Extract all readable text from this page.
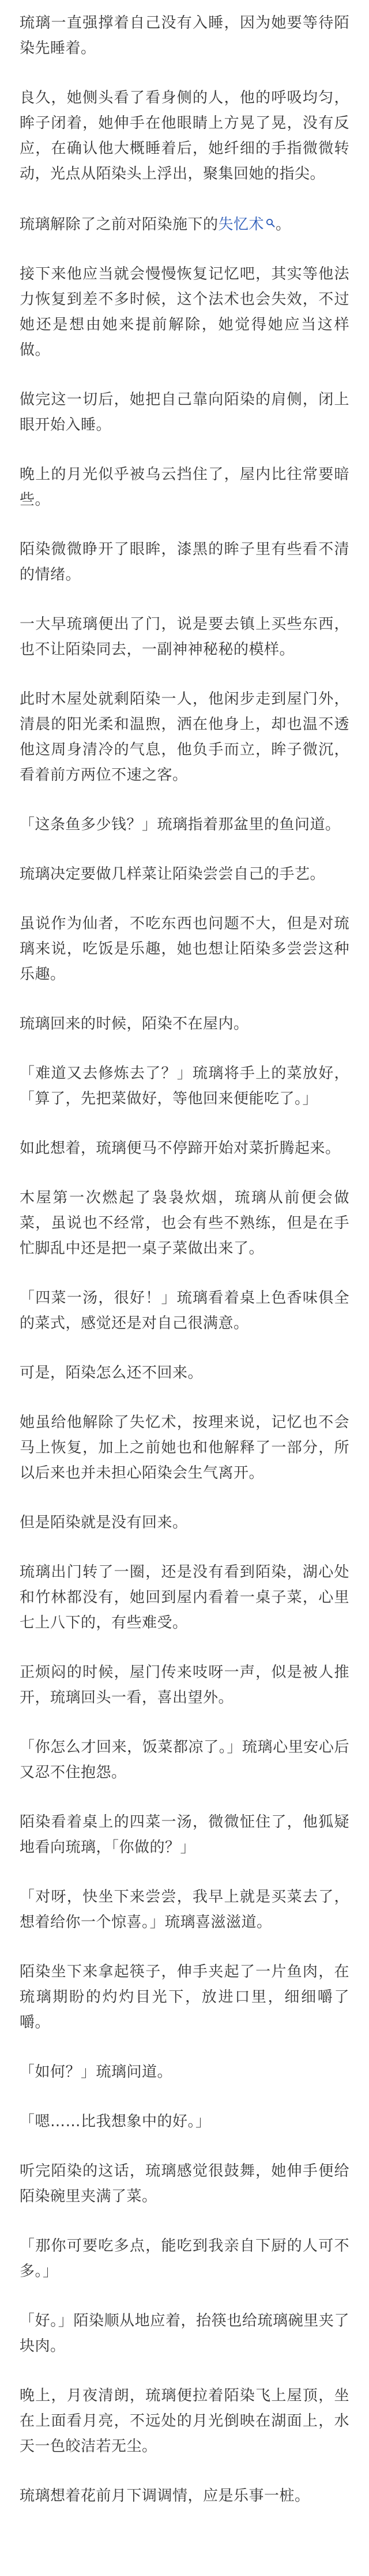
琉璃一直强撑着自己没有入睡，因为她要等待陌染先睡着。

良久，她侧头看了看身侧的人，他的呼吸均匀，眸子闭着，她伸手在他眼睛上方晃了晃，没有反应，在确认他大概睡着后，她纤细的手指微微转动，光点从陌染头上浮出，聚集回她的指尖。

琉璃解除了之前对陌染施下的失忆术 。

接下来他应当就会慢慢恢复记忆吧，其实等他法力恢复到差不多时候，这个法术也会失效，不过她还是想由她来提前解除，她觉得她应当这样做。

做完这一切后，她把自己靠向陌染的肩侧，闭上眼开始入睡。

晚上的月光似乎被乌云挡住了，屋内比往常要暗些。

陌染微微睁开了眼眸，漆黑的眸子里有些看不清的情绪。

一大早琉璃便出了门，说是要去镇上买些东西，也不让陌染同去，一副神神秘秘的模样。

此时木屋处就剩陌染一人，他闲步走到屋门外，清晨的阳光柔和温煦，洒在他身上，却也温不透他这周身清冷的气息，他负手而立，眸子微沉，看着前方两位不速之客。

「这条鱼多少钱？」琉璃指着那盆里的鱼问道。

琉璃决定要做几样菜让陌染尝尝自己的手艺。

虽说作为仙者，不吃东西也问题不大，但是对琉璃来说，吃饭是乐趣，她也想让陌染多尝尝这种乐趣。

琉璃回来的时候，陌染不在屋内。

「难道又去修炼去了？」琉璃将手上的菜放好，「算了，先把菜做好，等他回来便能吃了。」

如此想着，琉璃便马不停蹄开始对菜折腾起来。

木屋第一次燃起了袅袅炊烟，琉璃从前便会做菜，虽说也不经常，也会有些不熟练，但是在手忙脚乱中还是把一桌子菜做出来了。

「四菜一汤，很好！」琉璃看着桌上色香味俱全的菜式，感觉还是对自己很满意。

可是，陌染怎么还不回来。

她虽给他解除了失忆术，按理来说，记忆也不会马上恢复，加上之前她也和他解释了一部分，所以后来也并未担心陌染会生气离开。

但是陌染就是没有回来。

琉璃出门转了一圈，还是没有看到陌染，湖心处和竹林都没有，她回到屋内看着一桌子菜，心里七上八下的，有些难受。

正烦闷的时候，屋门传来吱呀一声，似是被人推开，琉璃回头一看，喜出望外。

「你怎么才回来，饭菜都凉了。」琉璃心里安心后又忍不住抱怨。

陌染看着桌上的四菜一汤，微微怔住了，他狐疑地看向琉璃，「你做的？」

「对呀，快坐下来尝尝，我早上就是买菜去了，想着给你一个惊喜。」琉璃喜滋滋道。

陌染坐下来拿起筷子，伸手夹起了一片鱼肉，在琉璃期盼的灼灼目光下，放进口里，细细嚼了嚼。

「如何？」琉璃问道。

「嗯……比我想象中的好。」

听完陌染的这话，琉璃感觉很鼓舞，她伸手便给陌染碗里夹满了菜。

「那你可要吃多点，能吃到我亲自下厨的人可不多。」

「好。」陌染顺从地应着，抬筷也给琉璃碗里夹了块肉。

晚上，月夜清朗，琉璃便拉着陌染飞上屋顶，坐在上面看月亮，不远处的月光倒映在湖面上，水天一色皎洁若无尘。

琉璃想着花前月下调调情，应是乐事一桩。
